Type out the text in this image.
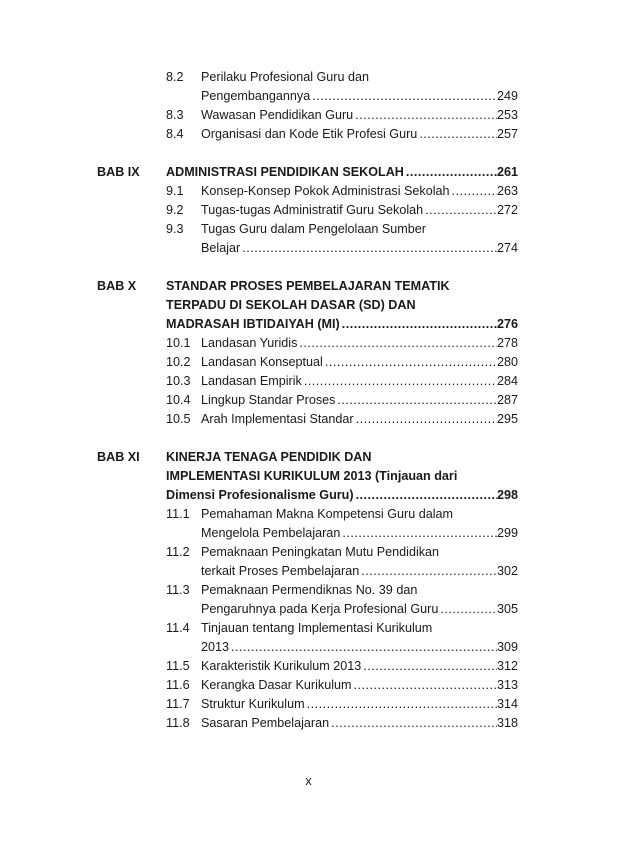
8.2 Perilaku Profesional Guru dan
Pengembangannya .....	249
8.3 Wawasan Pendidikan Guru .....	253
8.4 Organisasi dan Kode Etik Profesi Guru .....	257
BAB IX ADMINISTRASI PENDIDIKAN SEKOLAH .....	261
9.1 Konsep-Konsep Pokok Administrasi Sekolah .....	263
9.2 Tugas-tugas Administratif Guru Sekolah .....	272
9.3 Tugas Guru dalam Pengelolaan Sumber
Belajar .....	274
BAB X STANDAR PROSES PEMBELAJARAN TEMATIK
TERPADU DI SEKOLAH DASAR (SD) DAN
MADRASAH IBTIDAIYAH (MI) .....	276
10.1 Landasan Yuridis .....	278
10.2 Landasan Konseptual .....	280
10.3 Landasan Empirik .....	284
10.4 Lingkup Standar Proses .....	287
10.5 Arah Implementasi Standar .....	295
BAB XI KINERJA TENAGA PENDIDIK DAN
IMPLEMENTASI KURIKULUM 2013 (Tinjauan dari
Dimensi Profesionalisme Guru) .....	298
11.1 Pemahaman Makna Kompetensi Guru dalam
Mengelola Pembelajaran .....	299
11.2 Pemaknaan Peningkatan Mutu Pendidikan
terkait Proses Pembelajaran .....	302
11.3 Pemaknaan Permendiknas No. 39 dan
Pengaruhnya pada Kerja Profesional Guru .....	305
11.4 Tinjauan tentang Implementasi Kurikulum
2013 .....	309
11.5 Karakteristik Kurikulum 2013 .....	312
11.6 Kerangka Dasar Kurikulum .....	313
11.7 Struktur Kurikulum .....	314
11.8 Sasaran Pembelajaran .....	318
x
